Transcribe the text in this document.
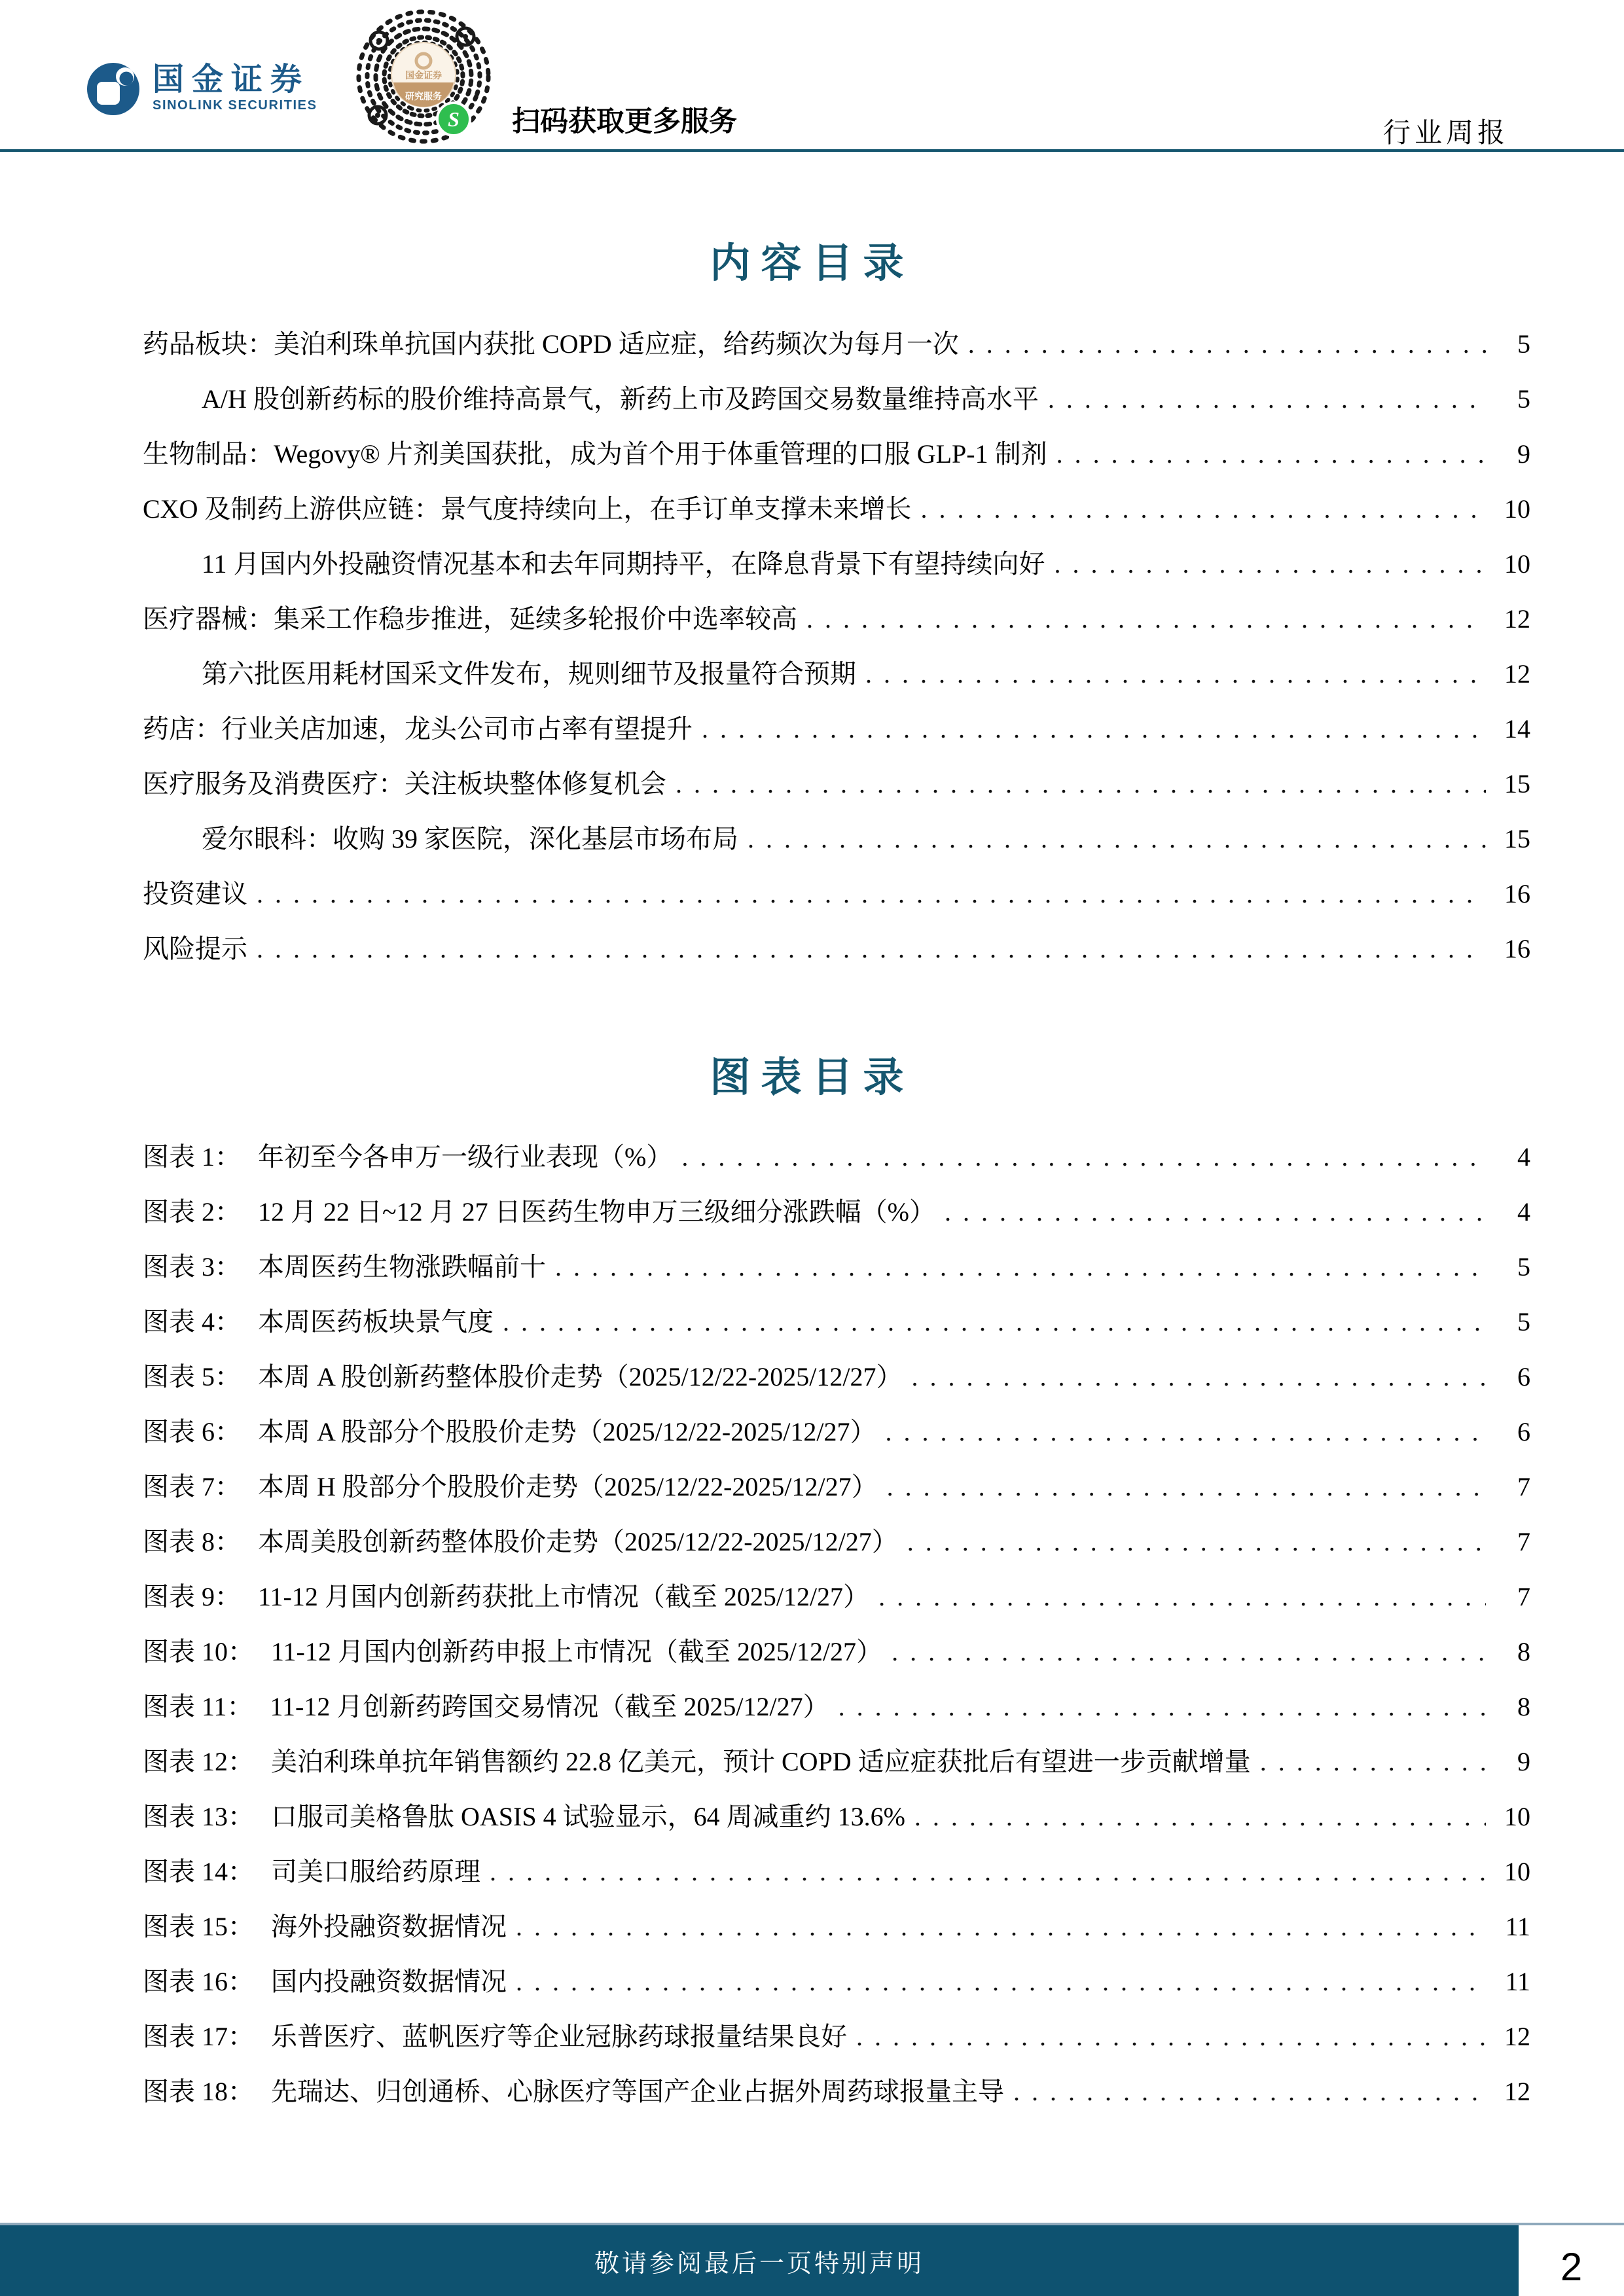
国金证券
SINOLINK SECURITIES
国金证券
研究服务
S 扫码获取更多服务	行业周报
内容目录
药品板块：美泊利珠单抗国内获批 COPD 适应症，给药频次为每月一次 . . .	5
A/H 股创新药标的股价维持高景气，新药上市及跨国交易数量维持高水平 . . .	5
生物制品：Wegovy® 片剂美国获批，成为首个用于体重管理的口服 GLP-1 制剂 . . .	9
CXO 及制药上游供应链：景气度持续向上，在手订单支撑未来增长 . . .	10
11 月国内外投融资情况基本和去年同期持平，在降息背景下有望持续向好 . . .	10
医疗器械：集采工作稳步推进，延续多轮报价中选率较高 . . .	12
第六批医用耗材国采文件发布，规则细节及报量符合预期 . . .	12
药店：行业关店加速，龙头公司市占率有望提升 . . .	14
医疗服务及消费医疗：关注板块整体修复机会 . . .	15
爱尔眼科：收购 39 家医院，深化基层市场布局 . . .	15
投资建议 . . .	16
风险提示 . . .	16
图表目录
图表 1： 年初至今各申万一级行业表现（%） . . .	4
图表 2： 12 月 22 日~12 月 27 日医药生物申万三级细分涨跌幅（%） . . .	4
图表 3： 本周医药生物涨跌幅前十 . . .	5
图表 4： 本周医药板块景气度 . . .	5
图表 5： 本周 A 股创新药整体股价走势（2025/12/22-2025/12/27） . . .	6
图表 6： 本周 A 股部分个股股价走势（2025/12/22-2025/12/27） . . .	6
图表 7： 本周 H 股部分个股股价走势（2025/12/22-2025/12/27） . . .	7
图表 8： 本周美股创新药整体股价走势（2025/12/22-2025/12/27） . . .	7
图表 9： 11-12 月国内创新药获批上市情况（截至 2025/12/27） . . .	7
图表 10： 11-12 月国内创新药申报上市情况（截至 2025/12/27） . . .	8
图表 11： 11-12 月创新药跨国交易情况（截至 2025/12/27） . . .	8
图表 12： 美泊利珠单抗年销售额约 22.8 亿美元，预计 COPD 适应症获批后有望进一步贡献增量 . . .	9
图表 13： 口服司美格鲁肽 OASIS 4 试验显示，64 周减重约 13.6% . . .	10
图表 14： 司美口服给药原理 . . .	10
图表 15： 海外投融资数据情况 . . .	11
图表 16： 国内投融资数据情况 . . .	11
图表 17： 乐普医疗、蓝帆医疗等企业冠脉药球报量结果良好 . . .	12
图表 18： 先瑞达、归创通桥、心脉医疗等国产企业占据外周药球报量主导 . . .	12
敬请参阅最后一页特别声明	2
